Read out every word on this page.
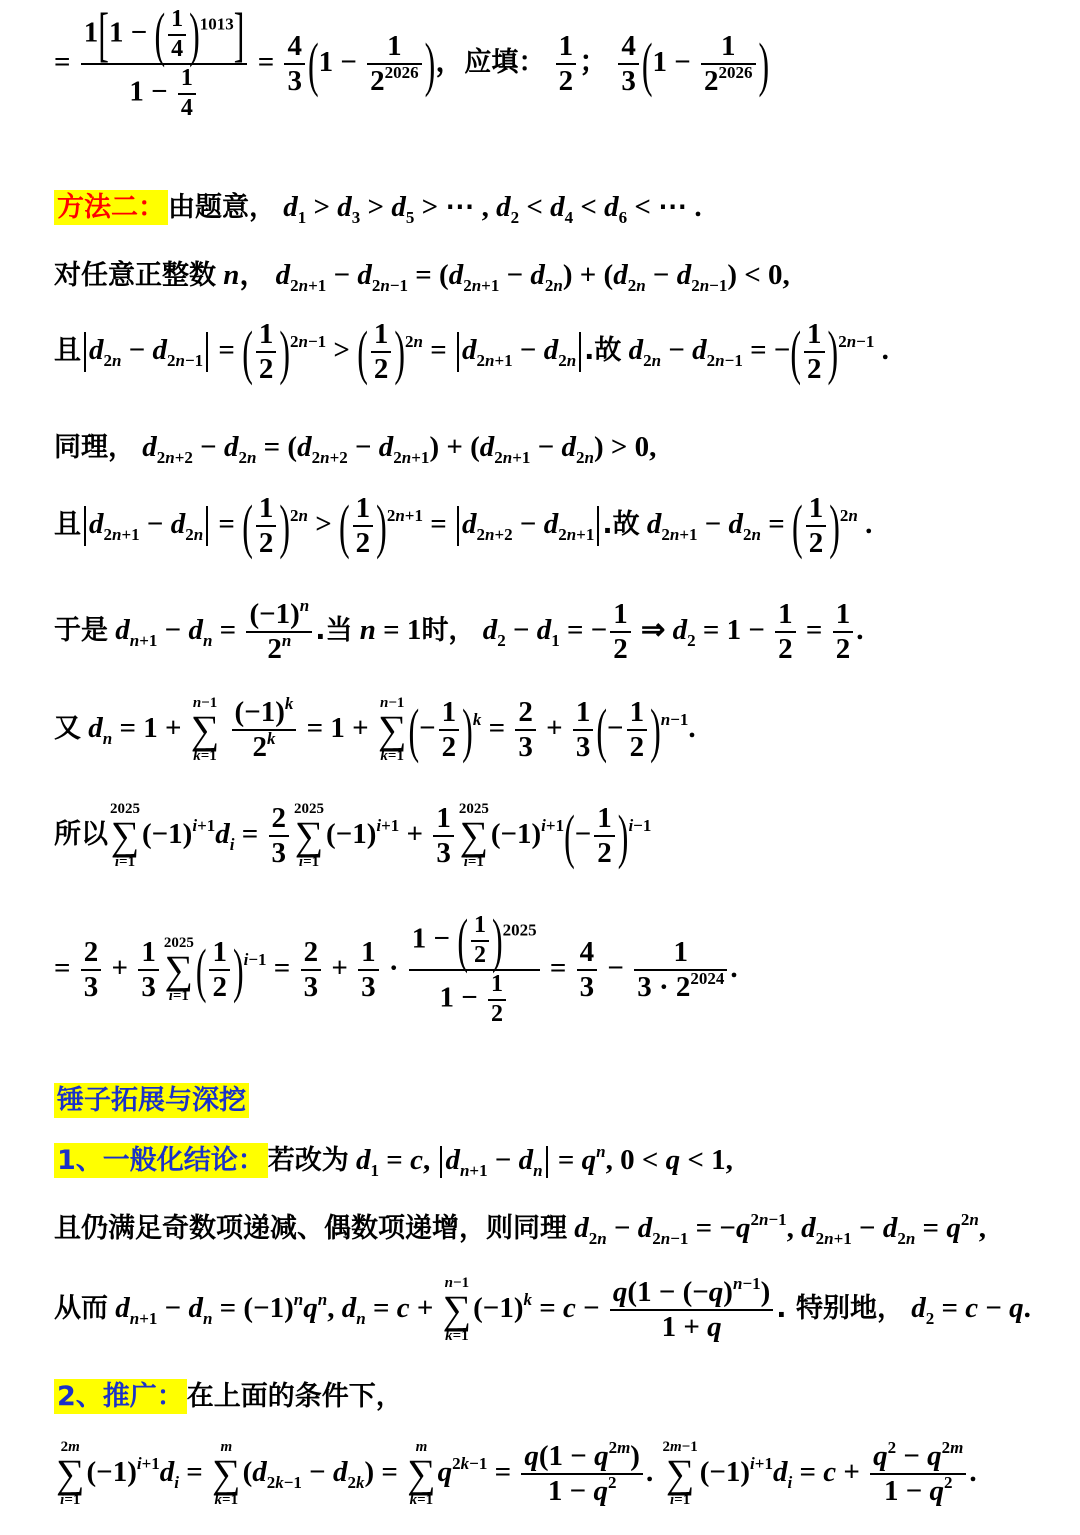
= $\frac{1[1 - ( \frac{1}{4} )^{1013}]}{1 - \frac{1}{4}} = \frac{4}{3} (1 - \frac{1}{2^{2026}}$ )，应填： $\frac{1}{2}$ ； $\frac{4}{3} (1 - \frac{1}{2^{2026}}$ )
方法二： 由题意， $d_1 > d_3 > d_5$ > ⋯ , $d_2 < d_4 < d_6$ < ⋯ .
对任意正整数 n， $d_{2n+1} - d_{2n-1} = (d_{2n+1} - d_{2n}) + (d_{2n} - d_{2n-1}) < 0$,
且 $d_{2n} - d_{2n-1}$ = ( $\frac{1}{2} )^{2n-1}$ > ( $\frac{1}{2} )^{2n} = d_{2n+1} - d_{2n}$ .故 $d_{2n} - d_{2n-1}$ = −( $\frac{1}{2} )^{2n-1}$ .
同理， $d_{2n+2} - d_{2n} = (d_{2n+2} - d_{2n+1}) + (d_{2n+1} - d_{2n}) > 0$,
且 $d_{2n+1} - d_{2n}$ = ( $\frac{1}{2} )^{2n}$ > ( $\frac{1}{2} )^{2n+1} = d_{2n+2} - d_{2n+1}$ .故 $d_{2n+1} - d_{2n}$ = ( $\frac{1}{2} )^{2n}$ .
于是 $d_{n+1} - d_n = \frac{(-1)^n}{2^n}$ .当 n = 1时， $d_2 - d_1$ = − $\frac{1}{2}$ ⇒ $d_2 = 1 - \frac{1}{2} = \frac{1}{2}$ .
又 $d_n = 1$ +
n−1
∑
k=1
$\frac{(-1)^k}{2^k} = 1$ +
n−1
∑
k=1 (− $\frac{1}{2} )^k = \frac{2}{3} + \frac{1}{3}$ (− $\frac{1}{2} )^{n-1}$.
所以
2025
∑
i=1
$(-1)^{i+1}d_i = \frac{2}{3} 2025$
∑
i=1
$(-1)^{i+1} + \frac{1}{3} 2025$
∑
i=1
$(-1)^{i+1}(- \frac{1}{2} )^{i-1}$
= $\frac{2}{3} + \frac{1}{3} 2025$
∑
i=1 ( $\frac{1}{2} )^{i-1} = \frac{2}{3} + \frac{1}{3} \cdot \frac{1 - ( \frac{1}{2} )^{2025}}{1 - \frac{1}{2}} = \frac{4}{3} - \frac{1}{3 \cdot 2^{2024}}$ .
锤子拓展与深挖
1、一般化结论： 若改为 $d_1 = c$, $d_{n+1} - d_n = q^n$, 0 < q < 1,
且仍满足奇数项递减、偶数项递增，则同理 $d_{2n} - d_{2n-1} = -q^{2n-1}$, $d_{2n+1} - d_{2n} = q^{2n}$,
从而 $d_{n+1} - d_n = (-1)^nq^n$, $d_n = c$ +
n−1
∑
k=1
$(-1)^k = c - \frac{q(1 - (-q)^{n-1})}{1 + q}$ . 特别地， $d_2 = c - q$.
2、推广： 在上面的条件下，
2m
∑
i=1
$(-1)^{i+1}d_i$ =
m
∑
k=1
$(d_{2k-1} - d_{2k})$ =
m
∑
k=1
$q^{2k-1} = \frac{q(1 - q^{2m})}{1 - q^2}$ .
2m−1
∑
i=1
$(-1)^{i+1}d_i = c + \frac{q^2 - q^{2m}}{1 - q^2}$ .
